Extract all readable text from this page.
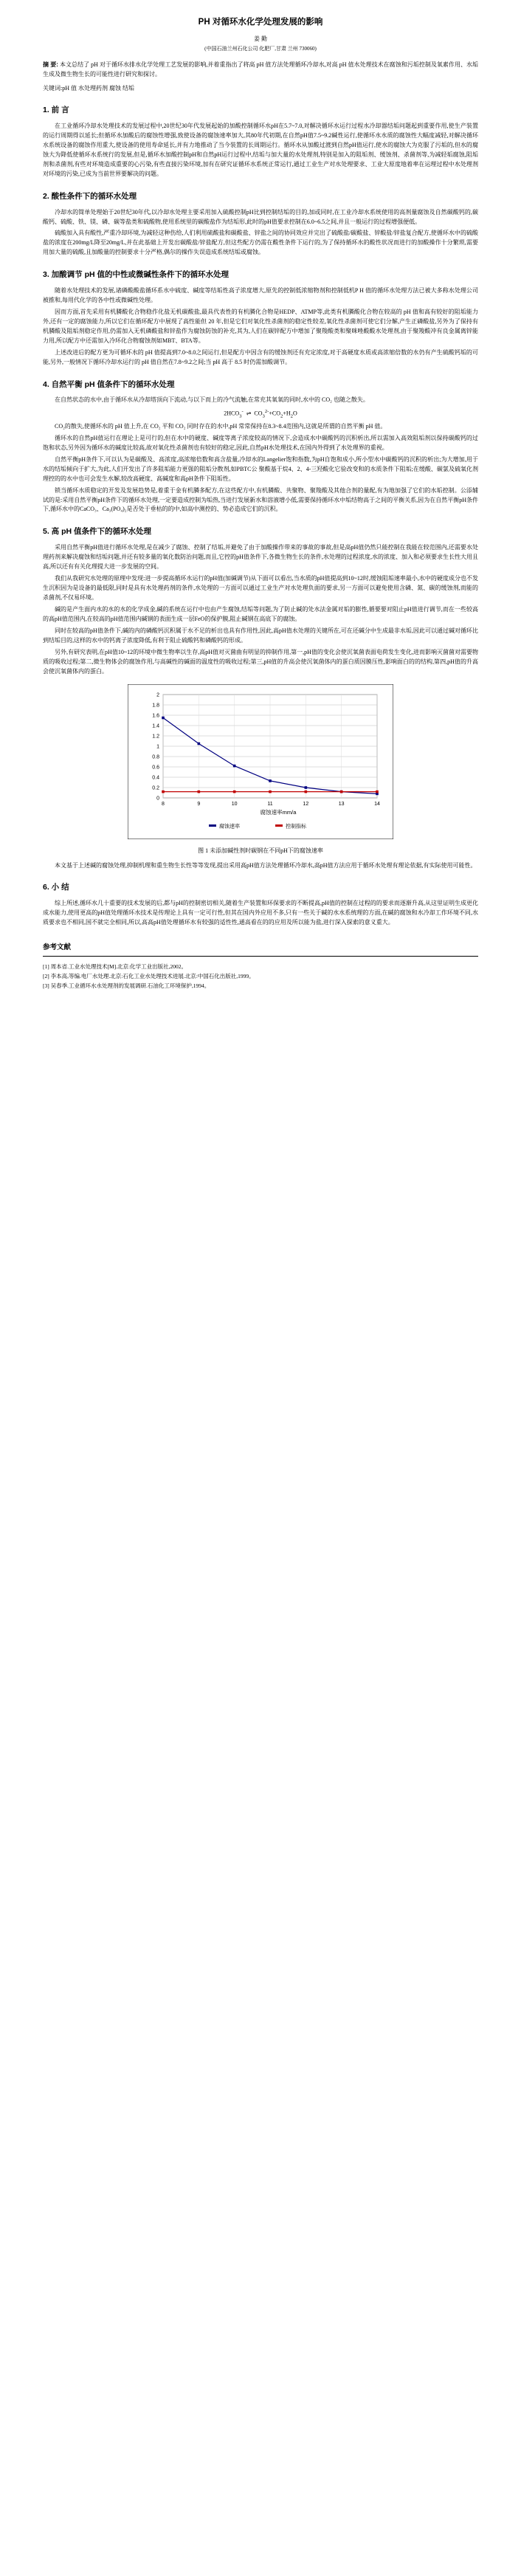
PH 对循环水化学处理发展的影响
姜 勤
(中国石油兰州石化公司 化肥厂,甘肃 兰州 730060)

摘 要: 本文总结了 pH 对于循环水排水化学处理工艺发展的影响,并着重指出了将高 pH 值方法处理循环冷却水,对高 pH 值水处理技术在腐蚀和污垢控制及氧素作用、水垢生成及微生物生长的可能性进行研究和探讨。

关键词:pH 值 水处理药剂 腐蚀 结垢
1. 前 言

在工业循环冷却水处理技术的发展过程中,20世纪30年代发展起始的加酸控制循环水pH在5.7~7.0,对解决循环水运行过程水冷却器结垢问题起到重要作用,使生产装置的运行周期得以延长;但循环水加酸后的腐蚀性增强,致使设备的腐蚀速率加大,其80年代初期,在自然pH值7.5~9.2碱性运行,使循环水水质的腐蚀性大幅度减轻,对解决循环水系统设备的腐蚀作用重大,使设备的使用寿命延长,并有力地推动了当今装置的长周期运行。循环水从加酸过渡到自然pH值运行,使水的腐蚀大为克服了污垢的,但水的腐蚀大为降低使循环水系统行的发展,但是,循环水加酸控制pH和自然pH运行过程中,结垢与加大量的水处理剂,特别是加入的阻垢剂、缓蚀剂、杀菌剂等,为减轻垢腐蚀,阻垢剂和杀菌剂,有些对环境造成重要的心污染,有些直接污染环境,加有在研究证循环水系统正常运行,通过工业生产对水处理要求、工业大原度地着率在运理过程中水处理剂对环境的污染,已成为当前世界要解决的问题。

2. 酸性条件下的循环水处理

冷却水的简单处理始于20世纪30年代,以冷却水处理主要采用加入硫酸控制pH比到控制结垢的目的,加或同时,在工业冷却水系统使用的高剂量腐蚀及自然碳酸钙的,碳酸钙、硫酸、铁、镁、磷、碳等盐类和硫酸物,使用系统里的碳酸盐作为结垢形,此时的pH值要求控制在6.0~6.5之间,并且一般运行的过程增强便低。

硫酸加入具有酸性,严重冷却环境,为减轻这种伤给,人们利用硫酸盐和碳酸盐、锌盐之间的协同效应并完出了硫酸盐/碳酸盐、锌酸盐/锌盐复合配方,使循环水中的硫酸盐的浓度在200mg/L降至20mg/L,并在此基础上开发出碳酸盐/锌盐配方,但这些配方仍需在酸性条件下运行的,为了保持循环水的酸性状况而进行的加酸操作十分繁琐,需要用加大量的硫酸,且加酸量的控制要求十分严格,偶尔的操作失误造成系统结垢或腐蚀。

3. 加酸调节 pH 值的中性或微碱性条件下的循环水处理

随着水处理技术的发展,诸磷酸酸盐循环系水中硫度、碱度等结垢性高子浓度增大,原先的控制低浓缩物剂和控制低机P H 值的循环水处理方法已被大多称水处理公司被推和,每用代化学的各中性或微碱性处理。

因而方面,首先采用有机膦酸化合物稳作化盐无机碳酸盐,最具代表性的有机膦化合物是HEDP、ATMP等,此类有机膦酸化合物在较高的 pH 值和高有较好的阻垢能力外,还有一定的腐蚀能力,所以它们在循环配方中展现了高性能但 20 年,但是它们对氧化性杀菌剂的稳定性较差,氧化性杀菌剂可使它们分解,产生正磷酸盐,另外为了保持有机膦酸及阻垢剂稳定作用,仍需加入无机磷酸盐和锌盐作为腐蚀防蚀的补充,其为,人们在碳锌配方中增加了聚羧酸类和聚咪唑酸酸水处理剂,由于聚羧酸冲有良金属离锌能力用,所以配方中还需加入冷环化合物腐蚀剂如MBT、BTA等。

上述改进后的配方更为可循环水的 pH 值提高到7.0~8.0之间运行,但是配方中因含有的缓蚀剂还有充定浓度,对于高硬度水质或高浓缩倍数的水仍有产生硫酸钙垢的可能,另外,一般情况下循环冷却水运行的 pH 值自然在7.8~9.2之间;当 pH 高于 8.5 时仍需加酸调节。

4. 自然平衡 pH 值条件下的循环水处理

在自然状态的水中,由于循环水从冷却塔顶向下流动,与以下而上的冷气流触,在常充其氧氧的同时,水中的 CO₂ 也随之散失。

$2HCO_3^-$  ⇌  $CO_3^{2-}+CO_2+H_2O$

CO₂的散失,使循环水的 pH 值上升,在 CO₂ 平和 CO₂ 同时存在的水中,pH 常常保持在8.3~8.4范围内,这就是所谓的自然平衡 pH 值。

循环水的自然pH值运行在理论上是可行的,但在水中的硬度、碱度等离子浓度较高的情况下,会造成水中碳酸钙的沉积析出,所以需加入高效阻垢剂以保持碳酸钙的过饱和状态,另外因为循环水的碱度比较高,故对氧化性杀菌剂也有较好的稳定,因此,自然pH水处理技术,在国内外得到了水处理界的重视。

自然平衡pH条件下,可以认为是碳酸及、高浓度,高浓缩倍数和高含盐量,冷却水的Langelier饱和指数,为pH自饱和成小,所小型水中碳酸钙的沉积的析出;为大增加,用于水的结垢倾向于扩大,为此,人们开发出了许多阻垢能力更强的阻垢分散剂,如PBTC公 聚酸基于烷4、2、4-三羟酸化它验改变和的水质条件下阻垢;在缓酸、碳氯及硫氧化剂理控的的水中也可会发生水解,较改高硬度、高碱度和高pH条件下阻垢性。

锁当循环水质稳定的开发及发展趋势是,着重于金有机膦多配方,在这些配方中,有机膦酸、共聚物、聚羧酸及其他合剂的量配,有为地加强了它们的水垢控制。公添辅试的是:采用自然平衡pH条件下的循环水处理,一定要造成控制为垢热,当进行发展新水和溶液增小低,需要保持循环水中垢结物高于之间的平衡关系,因为在自然平衡pH条件下,循环水中的CaCO₃、Ca₃(PO₄)₂是否处于垂枯的的中,如高中测控的、势必造成它们的沉积。

5. 高 pH 值条件下的循环水处理

采用自然平衡pH值进行循环水处理,是在减少了腐蚀、控制了结垢,并避免了由于加酸操作带来的事故的事故,但是高pH值仍然只能控制在我能在较范围内,还需要水处理药剂来解决腐蚀和结垢问题,并还有较多量的氧化数防治问题,而且,它控的pH值条件下,各微生物生长的条件,水处理的过程浓度,水的浓度、加入和必须要求生长性大用且高,所以还有有关化理提大进一步发展的空间。

我们从我研究水处理的原理中发现:进一步提高循环水运行的pH值(加碱调节)从下面可以看出,当水质的pH值提高到10~12时,缓蚀阻垢速率最小,水中的硬度成分也不发生沉积因为是设备的最低限,同时是具有水处理药剂的条件,水处理的一方面可以通过工业生产对水处理负面的要求,另一方面可以避免使用含磷、氮、碳的缓蚀剂,而能的杀菌剂,不仅易环境。

碱的是产生面内水的水的水的化学成金,碱的系统在运行中也由产生腐蚀,结垢等问题,为了防止碱的处水法金属对垢的膨性,循要要对阻止pH值进行调节,而在一些较高的高pH值范围内,在较高的pH值范围内碱钢的表面生成一层FeO的保护膜,阻止碱钢在高底下的腐蚀。

同时在较高的pH值条件下,碱的内的磷酸钙沉积属于水不足的析出也具有作用性,因此,高pH值水处理的关键所在,可在还碱分中生成最非水垢,因此可以通过碱对循环比到结垢目的,这样的水中的钙离子浓度降低,有利于阻止硫酸钙和磷酸钙的形成。

另外,有研究表明,在pH值10~12的环境中微生物率以生存,高pH值对灭菌曲有明显的抑制作用,第一,pH值的变化会使沉氧菌表面电荷发生变化,进而影响灭菌菌对需要物质的吸收过程;第二,微生物体会的腐蚀作用,与高碱性的碱面的温度性的吸收过程;第三,pH值的升高会使沉氧菌体内的蛋白质因膜压性,影响面白的的结构,第四,pH值的升高会使沉氧菌体内的蛋白。

0
0.2
0.4
0.6
0.8
1
1.2
1.4
1.6
1.8
2
8	9	10	11	12	13	14
腐蚀速率	控制指标
腐蚀速率mm/a
图 1 未添加碱性剂时碳钢在不同pH下的腐蚀速率

本文基于上述碱的腐蚀处理,抑制机理和重生物生长性等等发现,提出采用高pH值方法处理循环冷却水,高pH值方法应用于循环水处理有理论依据,有实际使用可能性。

6. 小 结

综上所述,循环水几十重要的技术发展的后,都与pH的控制密切相关,随着生产装置和环保要求的不断提高,pH值的控制在过程的的要求而逐渐升高,从这里证明生成更化成水能力,使用更高的pH值处理循环水技术是传理论上具有一定可行性,但其在国内外应用不多,只有一些关于碱的水水系统理的方面,在碱的腐蚀和水冷却工作环境不同,水质要求也不相同,国不就完全相同,所以,高高pH值处理循环水有较强的适性性,通高看在的的应用及所以能为盐,进行深入探索的意义重大。

参考文献
[1] 周本省.工业水处理技术[M].北京:化学工业出版社,2002。
[2] 李本高,等编.电厂水处理.北京:石化工业水处理技术进展.北京:中国石化出版社,1999。
[3] 吴春季.工业循环水水处理剂的发展调研.石油化工环境保护,1994。
